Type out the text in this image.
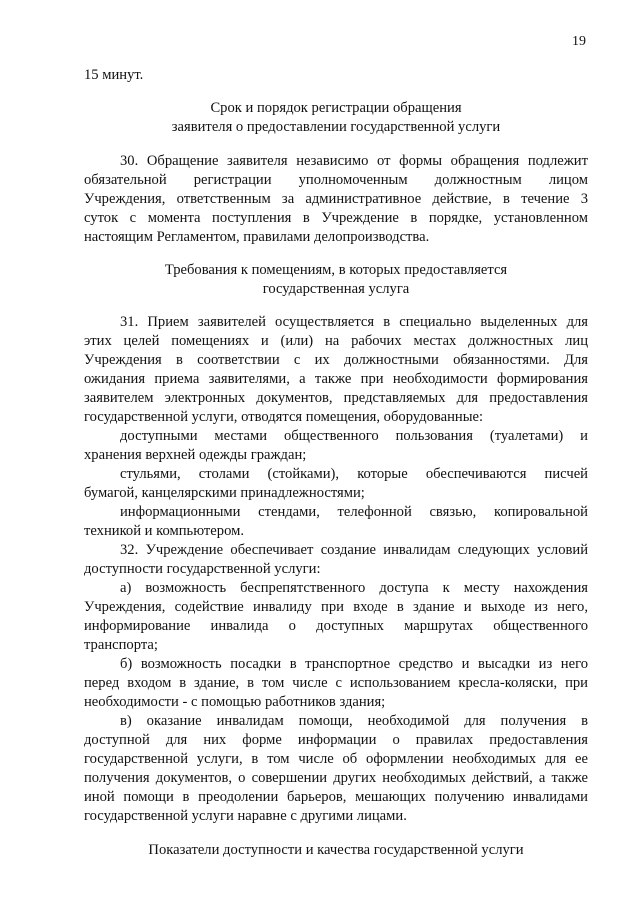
19
15 минут.
Срок и порядок регистрации обращения
заявителя о предоставлении государственной услуги
30. Обращение заявителя независимо от формы обращения подлежит
обязательной регистрации уполномоченным должностным лицом
Учреждения, ответственным за административное действие, в течение 3
суток с момента поступления в Учреждение в порядке, установленном
настоящим Регламентом, правилами делопроизводства.
Требования к помещениям, в которых предоставляется
государственная услуга
31. Прием заявителей осуществляется в специально выделенных для
этих целей помещениях и (или) на рабочих местах должностных лиц
Учреждения в соответствии с их должностными обязанностями. Для
ожидания приема заявителями, а также при необходимости формирования
заявителем электронных документов, представляемых для предоставления
государственной услуги, отводятся помещения, оборудованные:
доступными местами общественного пользования (туалетами) и
хранения верхней одежды граждан;
стульями, столами (стойками), которые обеспечиваются писчей
бумагой, канцелярскими принадлежностями;
информационными стендами, телефонной связью, копировальной
техникой и компьютером.
32. Учреждение обеспечивает создание инвалидам следующих условий
доступности государственной услуги:
а) возможность беспрепятственного доступа к месту нахождения
Учреждения, содействие инвалиду при входе в здание и выходе из него,
информирование инвалида о доступных маршрутах общественного
транспорта;
б) возможность посадки в транспортное средство и высадки из него
перед входом в здание, в том числе с использованием кресла-коляски, при
необходимости - с помощью работников здания;
в) оказание инвалидам помощи, необходимой для получения в
доступной для них форме информации о правилах предоставления
государственной услуги, в том числе об оформлении необходимых для ее
получения документов, о совершении других необходимых действий, а также
иной помощи в преодолении барьеров, мешающих получению инвалидами
государственной услуги наравне с другими лицами.
Показатели доступности и качества государственной услуги
